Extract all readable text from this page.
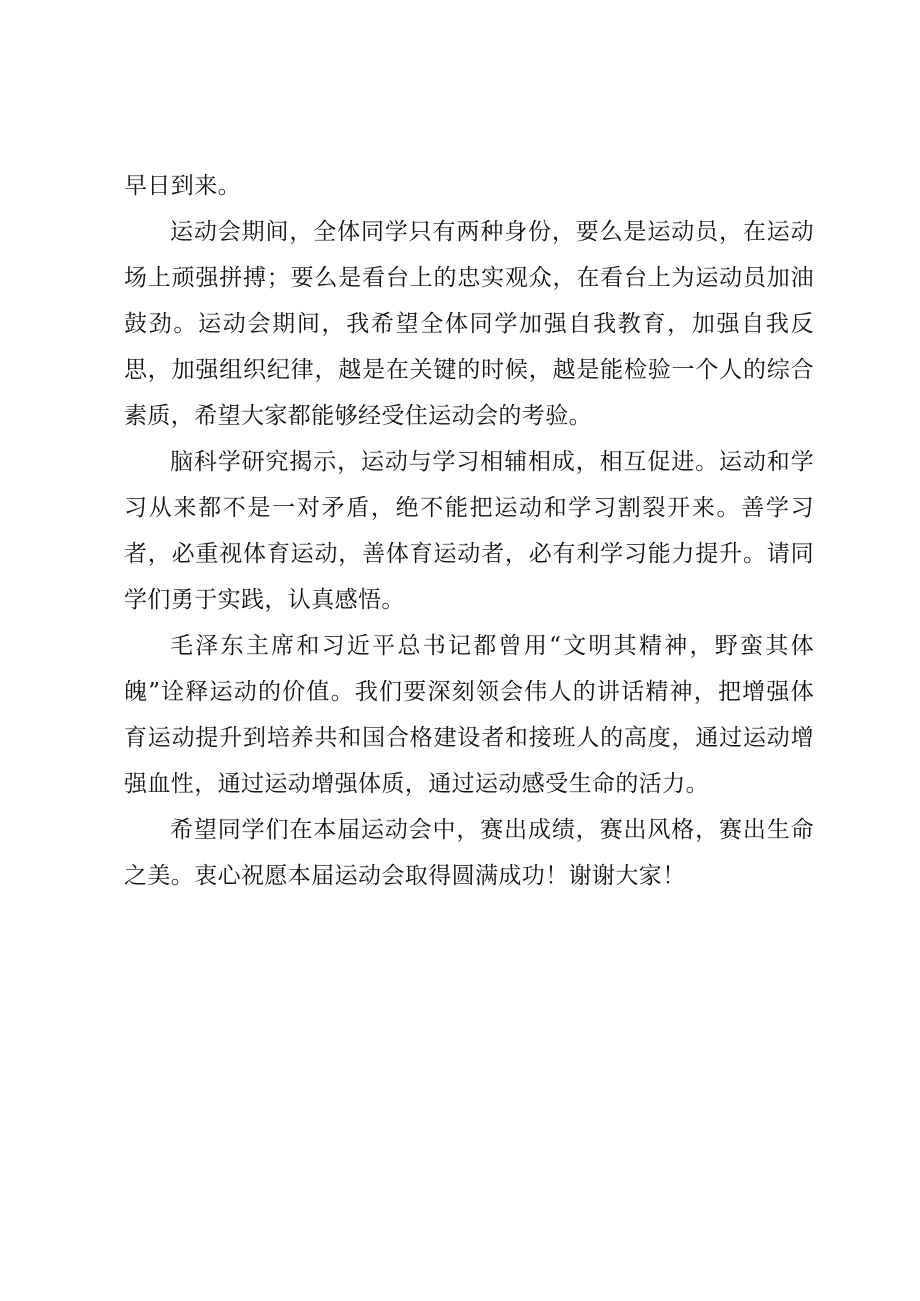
早日到来。

运动会期间，全体同学只有两种身份，要么是运动员，在运动场上顽强拼搏；要么是看台上的忠实观众，在看台上为运动员加油鼓劲。运动会期间，我希望全体同学加强自我教育，加强自我反思，加强组织纪律，越是在关键的时候，越是能检验一个人的综合素质，希望大家都能够经受住运动会的考验。

脑科学研究揭示，运动与学习相辅相成，相互促进。运动和学习从来都不是一对矛盾，绝不能把运动和学习割裂开来。善学习者，必重视体育运动，善体育运动者，必有利学习能力提升。请同学们勇于实践，认真感悟。

毛泽东主席和习近平总书记都曾用“文明其精神，野蛮其体魄”诠释运动的价值。我们要深刻领会伟人的讲话精神，把增强体育运动提升到培养共和国合格建设者和接班人的高度，通过运动增强血性，通过运动增强体质，通过运动感受生命的活力。

希望同学们在本届运动会中，赛出成绩，赛出风格，赛出生命之美。衷心祝愿本届运动会取得圆满成功！谢谢大家！
